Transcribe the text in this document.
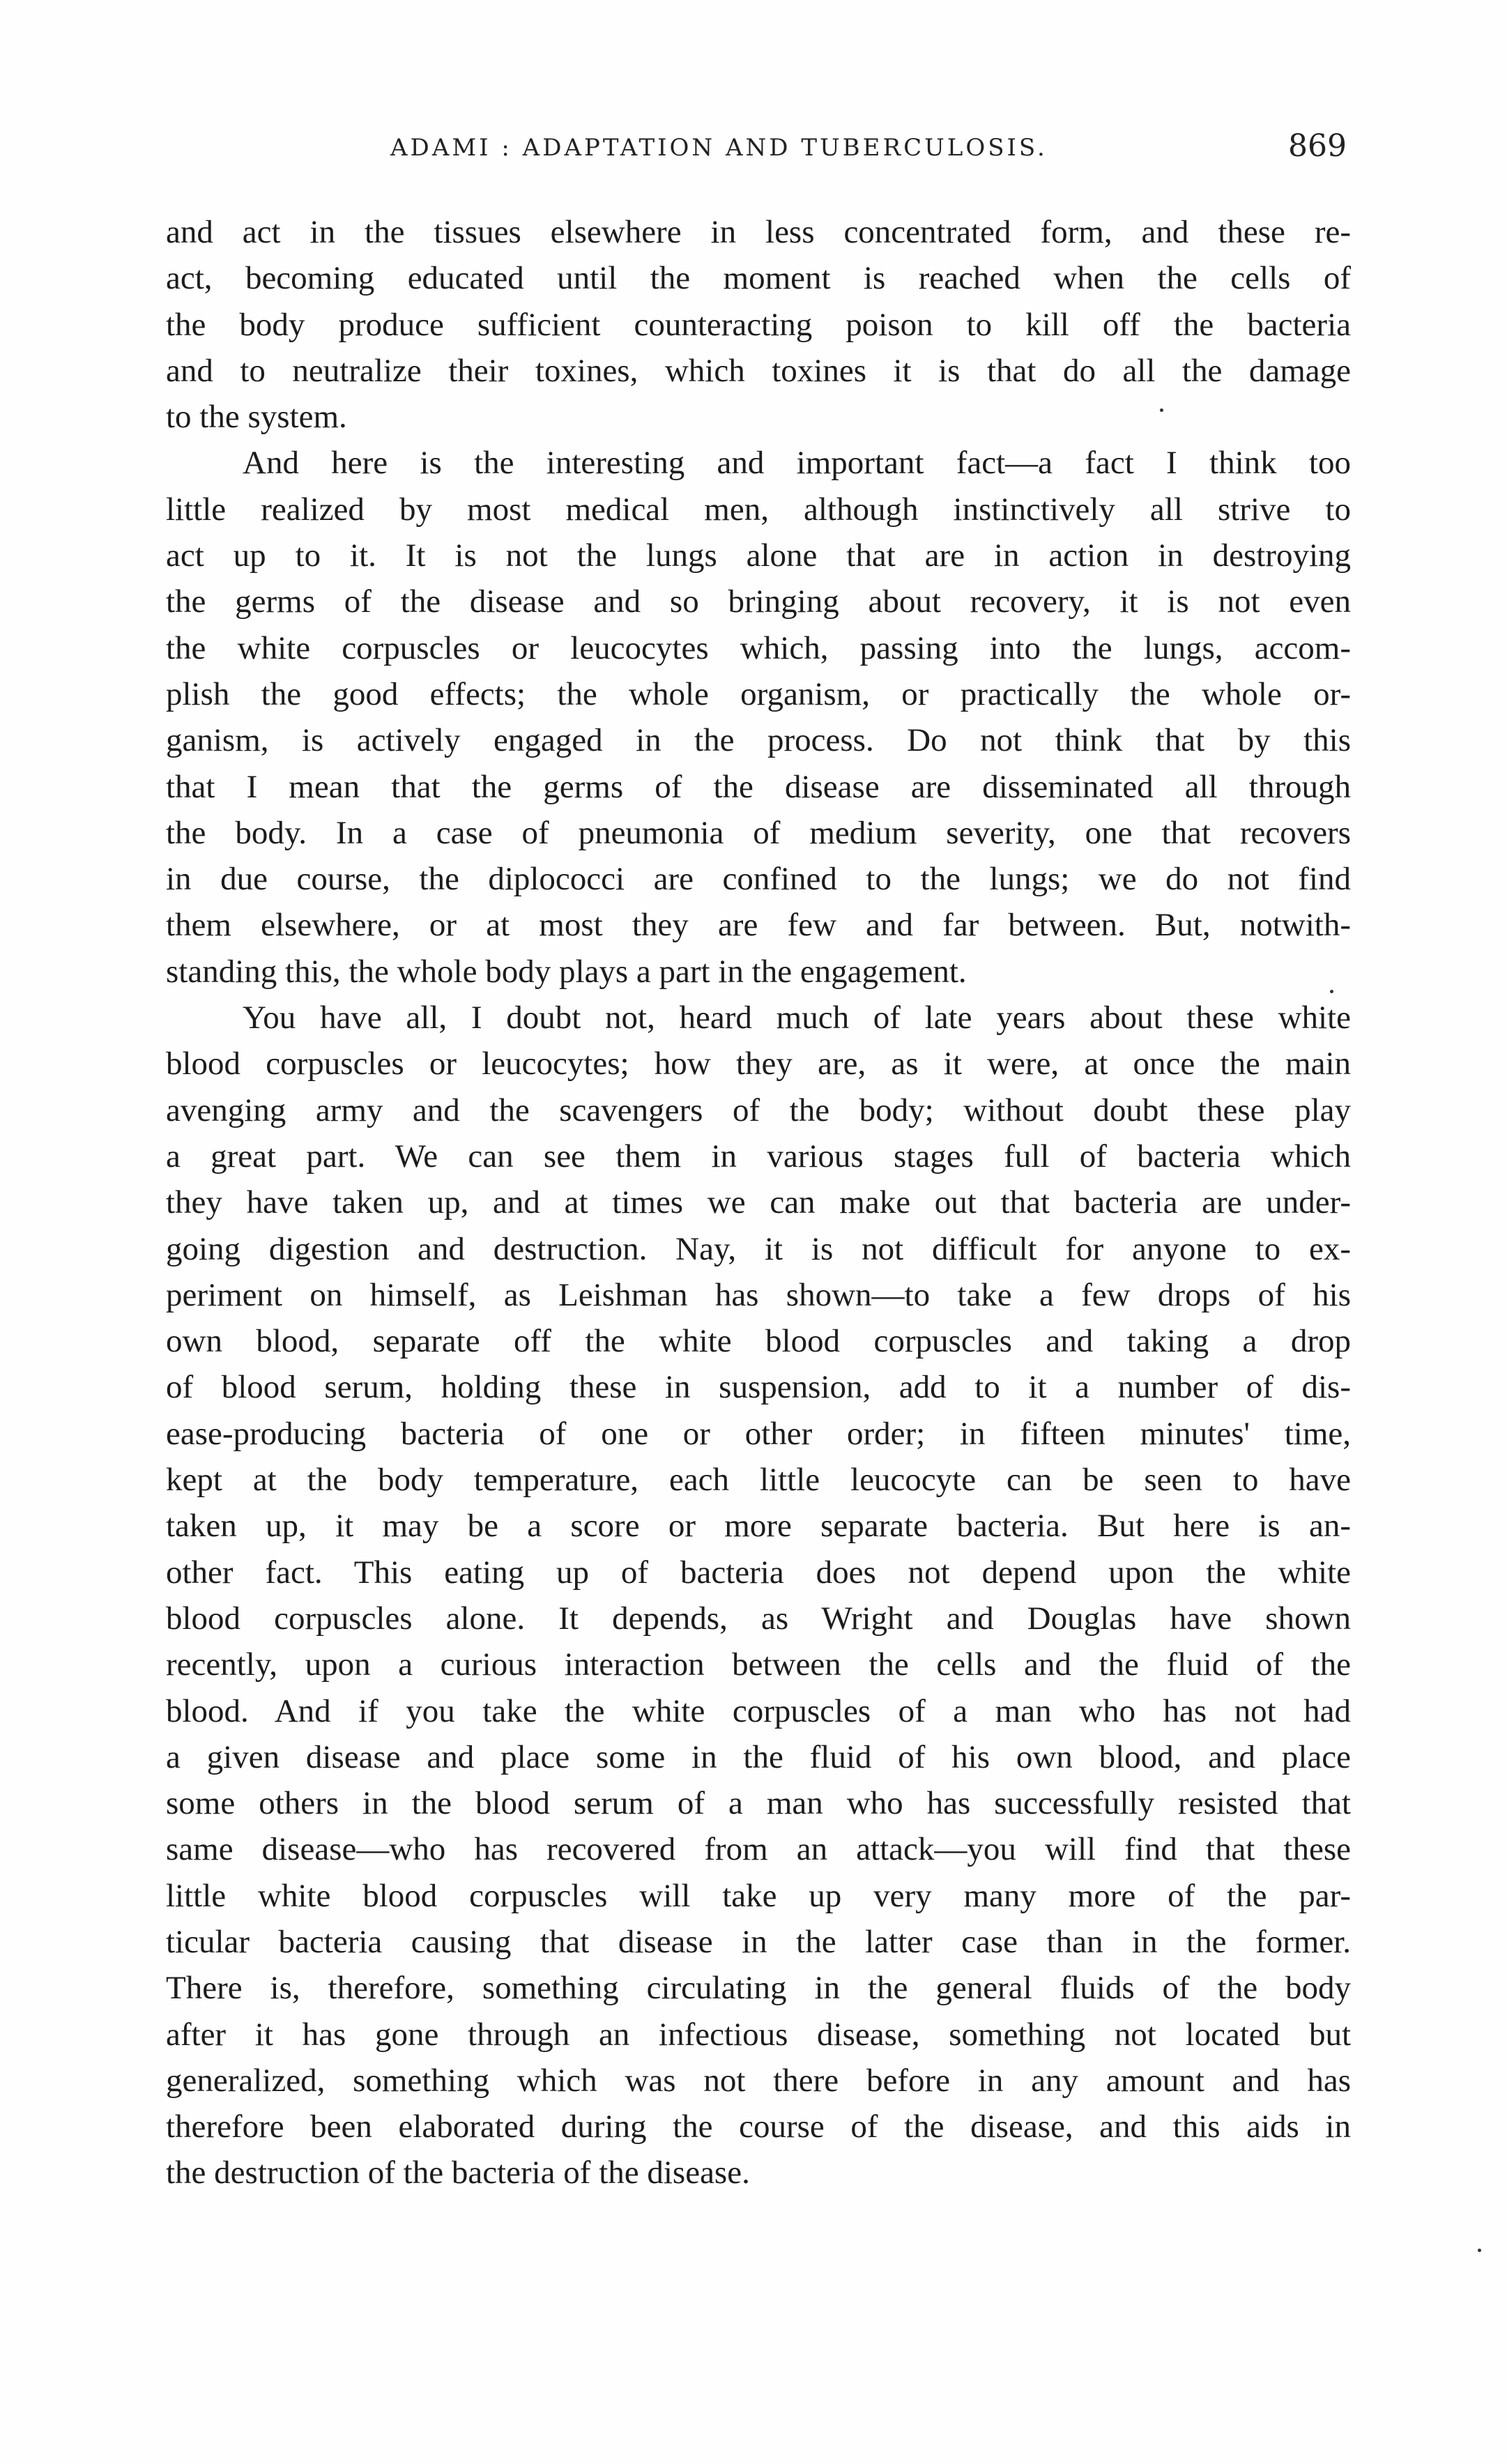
ADAMI : ADAPTATION AND TUBERCULOSIS.	869
and act in the tissues elsewhere in less concentrated form, and these re-
act, becoming educated until the moment is reached when the cells of
the body produce sufficient counteracting poison to kill off the bacteria
and to neutralize their toxines, which toxines it is that do all the damage
to the system.
And here is the interesting and important fact—a fact I think too
little realized by most medical men, although instinctively all strive to
act up to it. It is not the lungs alone that are in action in destroying
the germs of the disease and so bringing about recovery, it is not even
the white corpuscles or leucocytes which, passing into the lungs, accom-
plish the good effects; the whole organism, or practically the whole or-
ganism, is actively engaged in the process. Do not think that by this
that I mean that the germs of the disease are disseminated all through
the body. In a case of pneumonia of medium severity, one that recovers
in due course, the diplococci are confined to the lungs; we do not find
them elsewhere, or at most they are few and far between. But, notwith-
standing this, the whole body plays a part in the engagement.
You have all, I doubt not, heard much of late years about these white
blood corpuscles or leucocytes; how they are, as it were, at once the main
avenging army and the scavengers of the body; without doubt these play
a great part. We can see them in various stages full of bacteria which
they have taken up, and at times we can make out that bacteria are under-
going digestion and destruction. Nay, it is not difficult for anyone to ex-
periment on himself, as Leishman has shown—to take a few drops of his
own blood, separate off the white blood corpuscles and taking a drop
of blood serum, holding these in suspension, add to it a number of dis-
ease-producing bacteria of one or other order; in fifteen minutes' time,
kept at the body temperature, each little leucocyte can be seen to have
taken up, it may be a score or more separate bacteria. But here is an-
other fact. This eating up of bacteria does not depend upon the white
blood corpuscles alone. It depends, as Wright and Douglas have shown
recently, upon a curious interaction between the cells and the fluid of the
blood. And if you take the white corpuscles of a man who has not had
a given disease and place some in the fluid of his own blood, and place
some others in the blood serum of a man who has successfully resisted that
same disease—who has recovered from an attack—you will find that these
little white blood corpuscles will take up very many more of the par-
ticular bacteria causing that disease in the latter case than in the former.
There is, therefore, something circulating in the general fluids of the body
after it has gone through an infectious disease, something not located but
generalized, something which was not there before in any amount and has
therefore been elaborated during the course of the disease, and this aids in
the destruction of the bacteria of the disease.
